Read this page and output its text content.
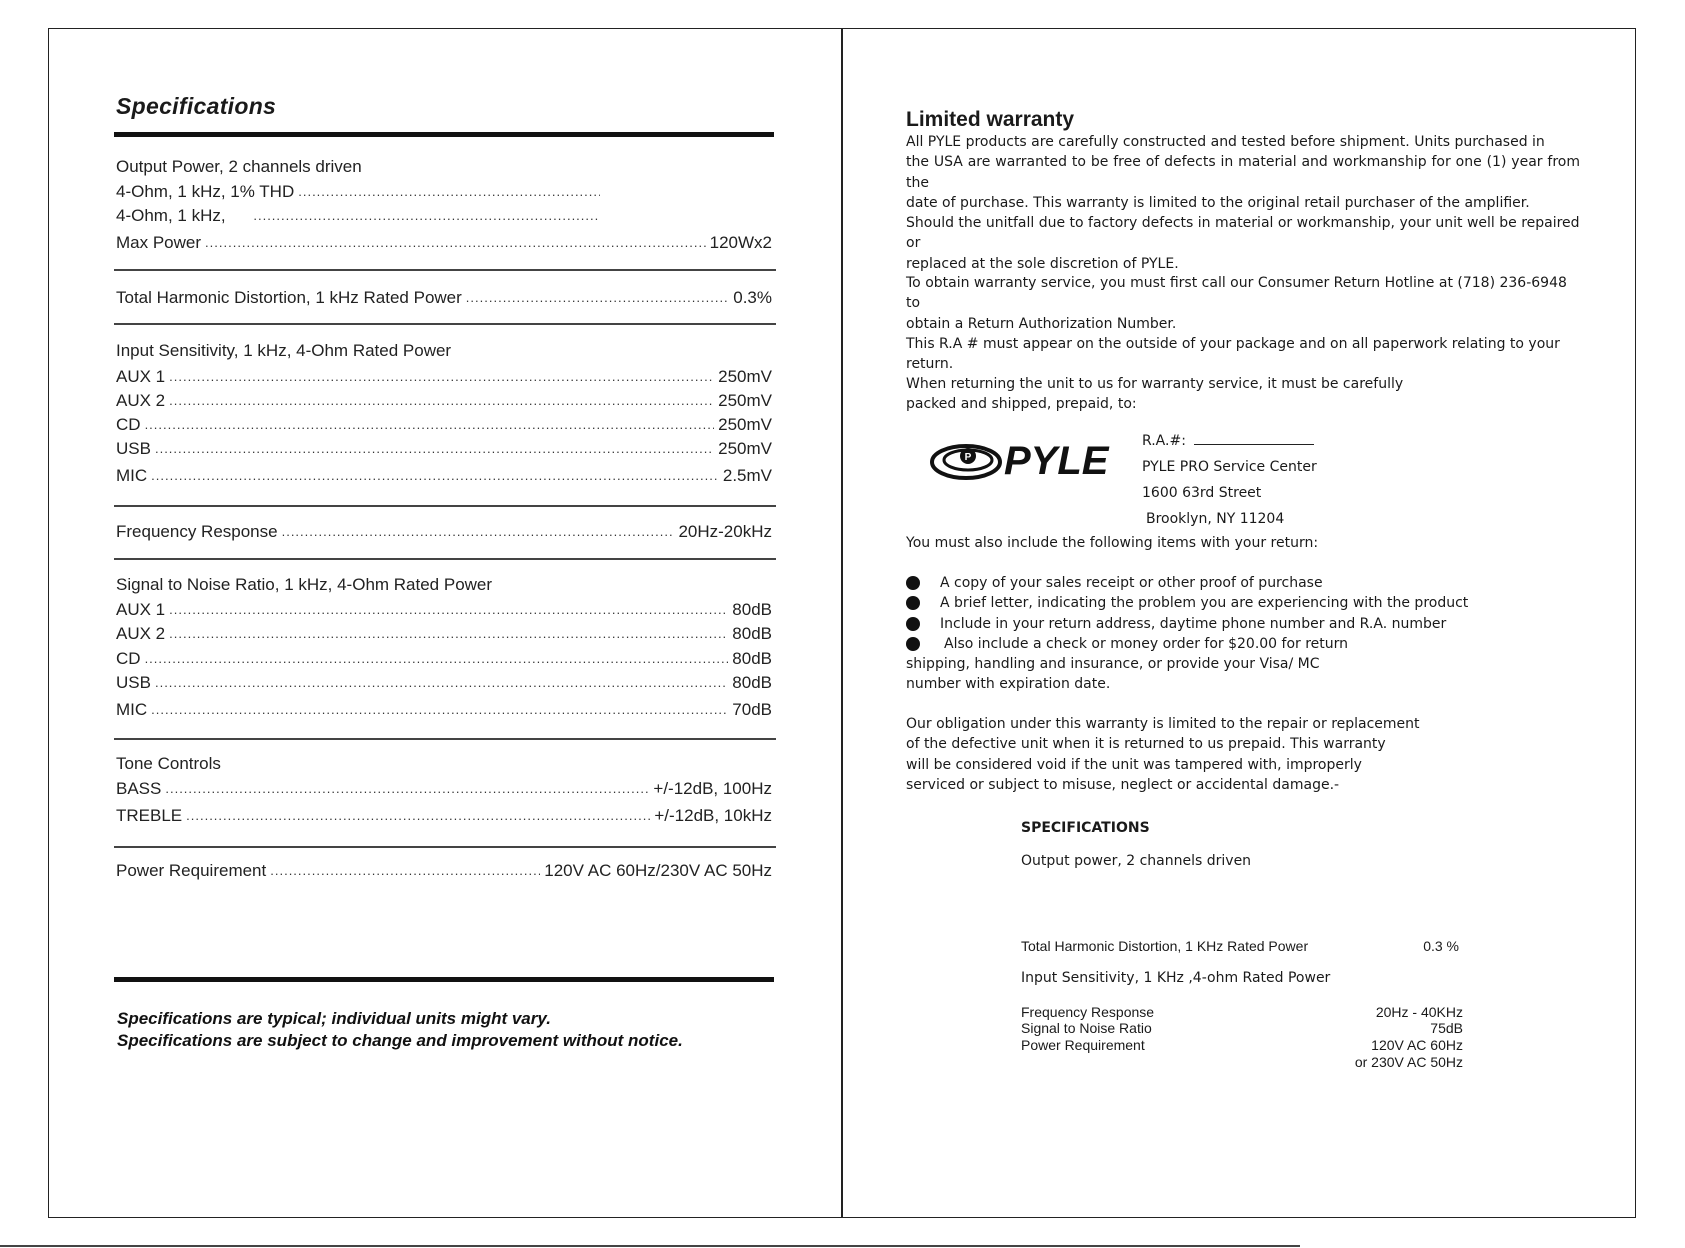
Specifications
Output Power, 2 channels driven
4-Ohm, 1 kHz, 1% THD
.....
4-Ohm, 1 kHz,
.....
Max Power .....	120Wx2
Total Harmonic Distortion, 1 kHz Rated Power .....	0.3%
Input Sensitivity, 1 kHz, 4-Ohm Rated Power
AUX 1 .....	250mV
AUX 2 .....	250mV
CD .....	250mV
USB .....	250mV
MIC .....	2.5mV
Frequency Response .....	20Hz-20kHz
Signal to Noise Ratio, 1 kHz, 4-Ohm Rated Power
AUX 1 .....	80dB
AUX 2 .....	80dB
CD .....	80dB
USB .....	80dB
MIC .....	70dB
Tone Controls
BASS .....	+/-12dB, 100Hz
TREBLE .....	+/-12dB, 10kHz
Power Requirement .....	120V AC 60Hz/230V AC 50Hz
Specifications are typical; individual units might vary.
Specifications are subject to change and improvement without notice.
Limited warranty
All PYLE products are carefully constructed and tested before shipment. Units purchased in
the USA are warranted to be free of defects in material and workmanship for one (1) year from the
date of purchase. This warranty is limited to the original retail purchaser of the amplifier.
Should the unitfall due to factory defects in material or workmanship, your unit well be repaired or
replaced at the sole discretion of PYLE.
To obtain warranty service, you must first call our Consumer Return Hotline at (718) 236-6948 to
obtain a Return Authorization Number.
This R.A # must appear on the outside of your package and on all paperwork relating to your
return.
When returning the unit to us for warranty service, it must be carefully
packed and shipped, prepaid, to:
P PYLE R.A.#:
PYLE PRO Service Center
1600 63rd Street
Brooklyn, NY 11204
You must also include the following items with your return:
A copy of your sales receipt or other proof of purchase
A brief letter, indicating the problem you are experiencing with the product
Include in your return address, daytime phone number and R.A. number
Also include a check or money order for $20.00 for return
shipping, handling and insurance, or provide your Visa/ MC
number with expiration date.
Our obligation under this warranty is limited to the repair or replacement
of the defective unit when it is returned to us prepaid. This warranty
will be considered void if the unit was tampered with, improperly
serviced or subject to misuse, neglect or accidental damage.-
SPECIFICATIONS
Output power, 2 channels driven
Total Harmonic Distortion, 1 KHz Rated Power	0.3 %
Input Sensitivity, 1 KHz ,4-ohm Rated Power
Frequency Response	20Hz - 40KHz
Signal to Noise Ratio	75dB
Power Requirement	120V AC 60Hz
or 230V AC 50Hz
